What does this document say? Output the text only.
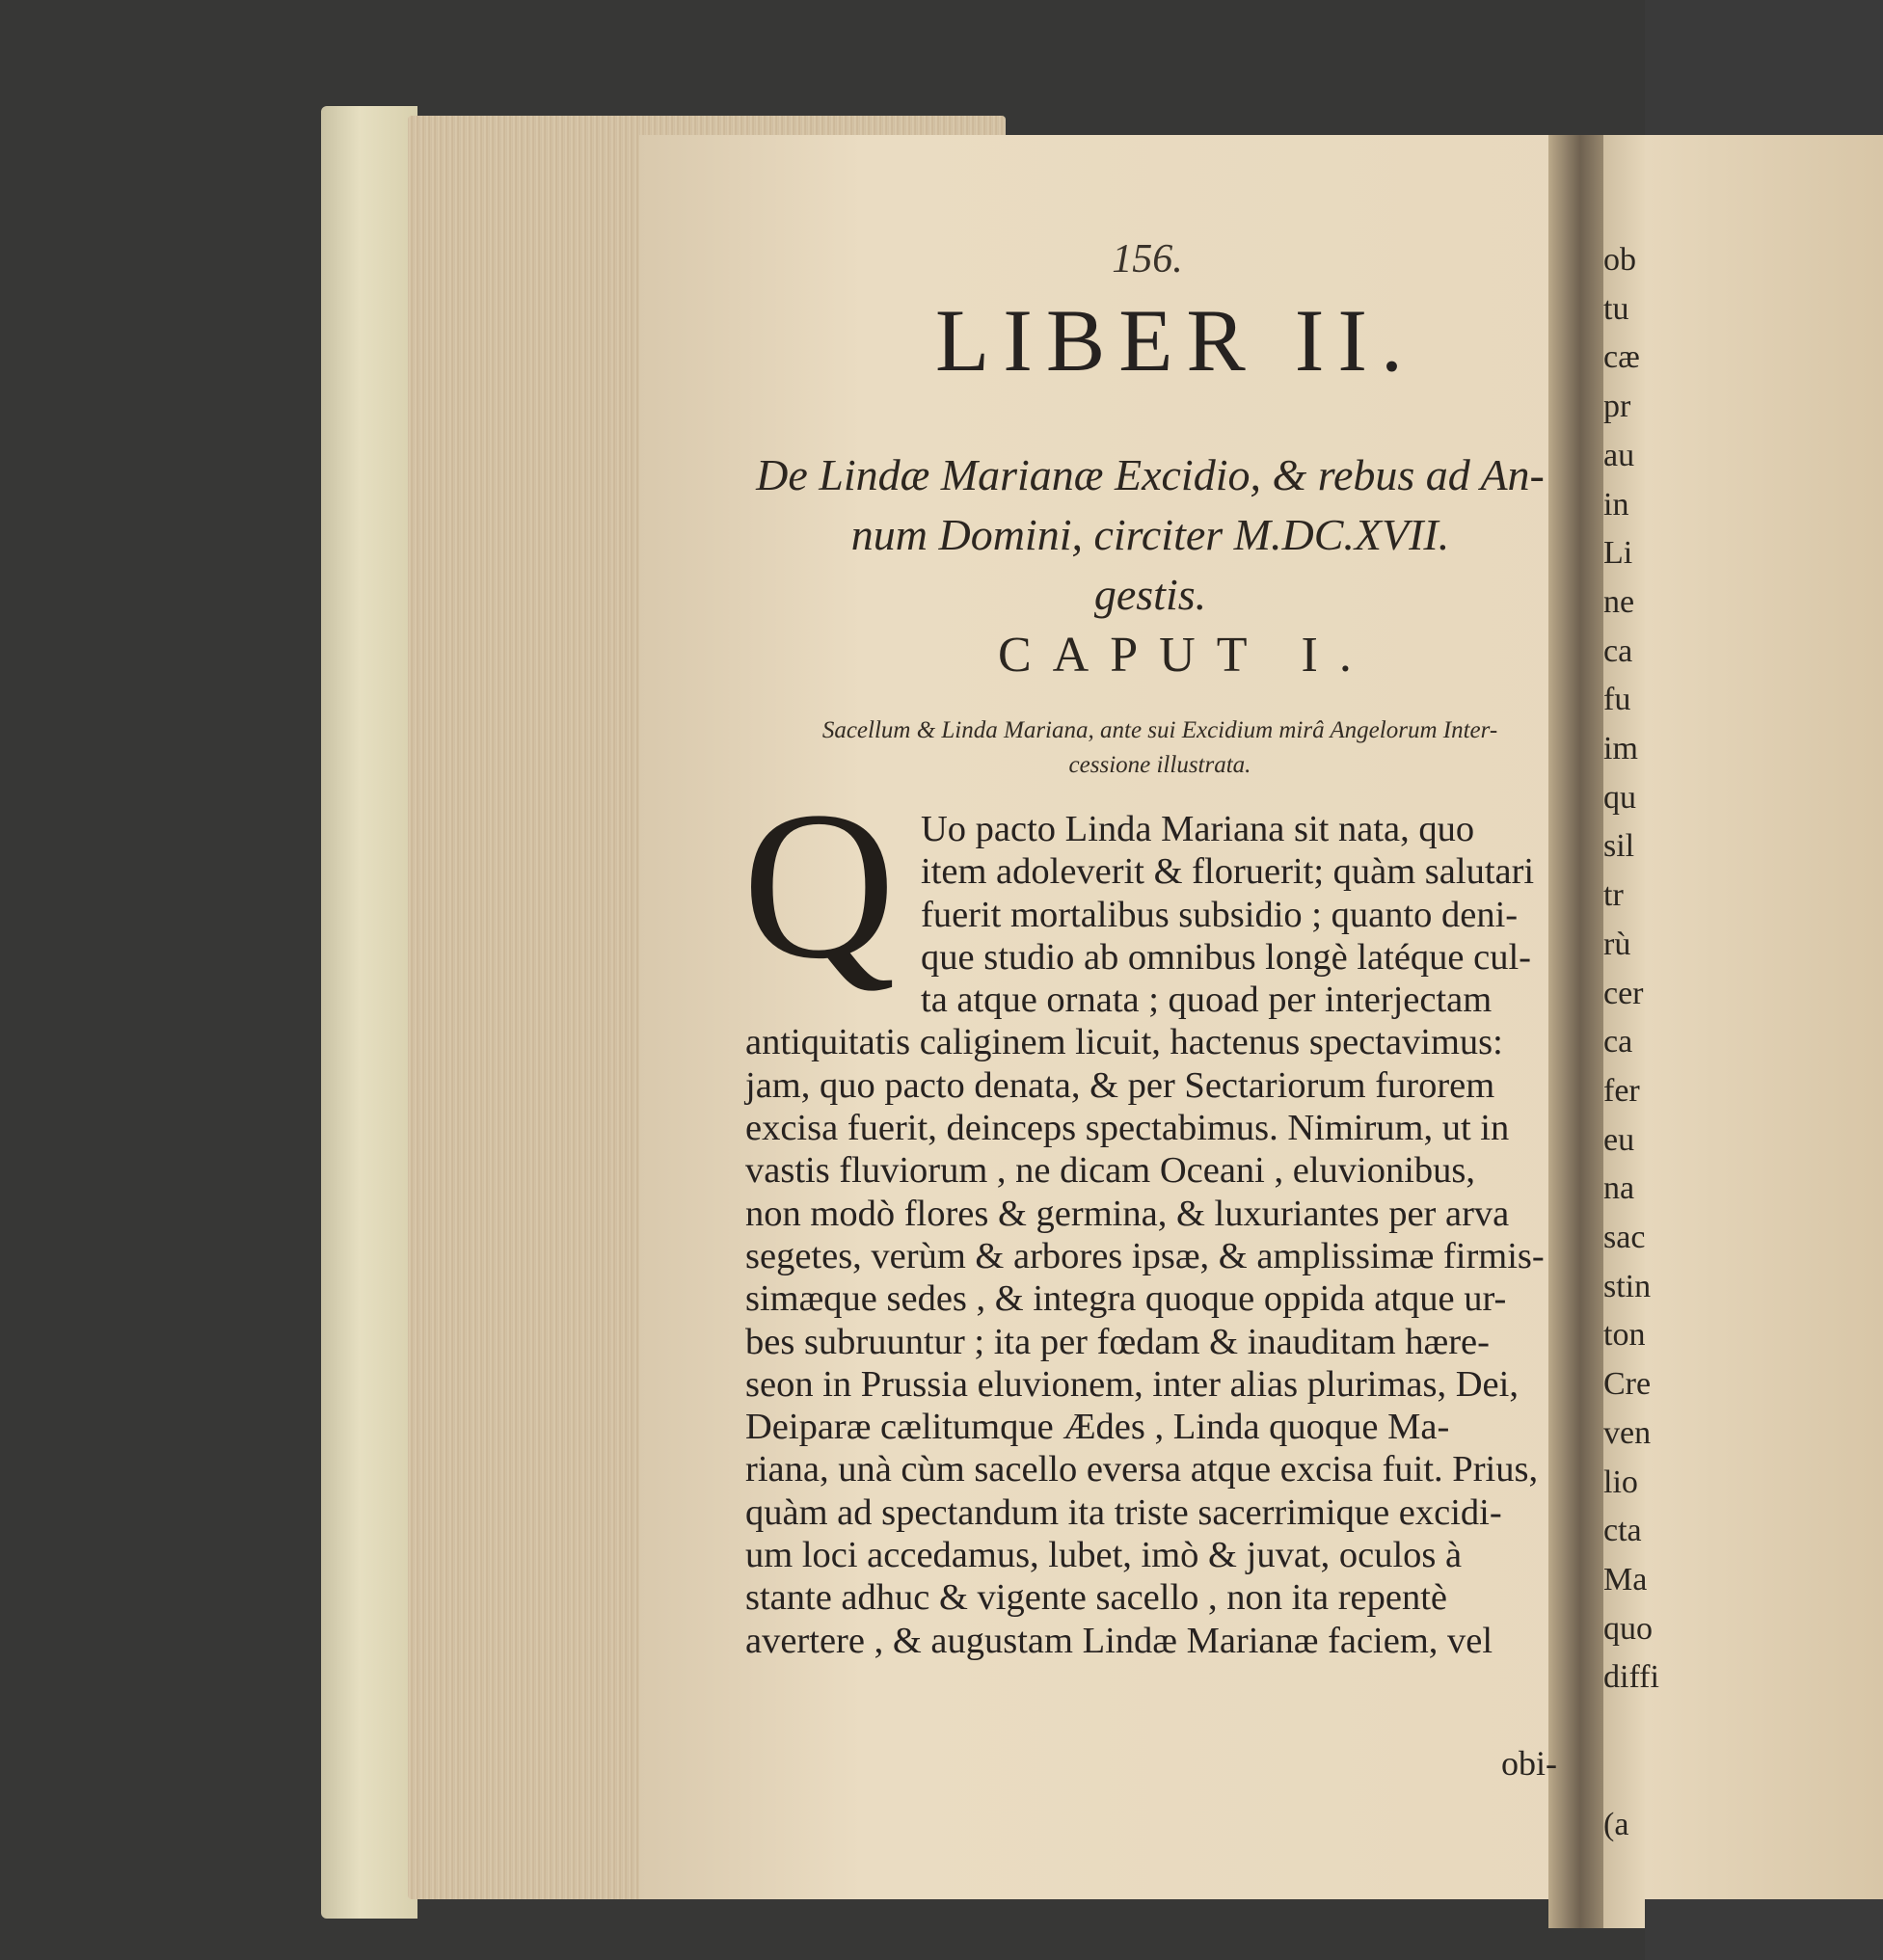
156.
LIBER II.
De Lindæ Marianæ Excidio, & rebus ad An-
num Domini, circiter M.DC.XVII.
gestis.
CAPUT I.
Sacellum & Linda Mariana, ante sui Excidium mirâ Angelorum Inter-
cessione illustrata.
Q Uo pacto Linda Mariana sit nata, quo
item adoleverit & floruerit; quàm salutari
fuerit mortalibus subsidio ; quanto deni-
que studio ab omnibus longè latéque cul-
ta atque ornata ; quoad per interjectam
antiquitatis caliginem licuit, hactenus spectavimus:
jam, quo pacto denata, & per Sectariorum furorem
excisa fuerit, deinceps spectabimus. Nimirum, ut in
vastis fluviorum , ne dicam Oceani , eluvionibus,
non modò flores & germina, & luxuriantes per arva
segetes, verùm & arbores ipsæ, & amplissimæ firmis-
simæque sedes , & integra quoque oppida atque ur-
bes subruuntur ; ita per fœdam & inauditam hære-
seon in Prussia eluvionem, inter alias plurimas, Dei,
Deiparæ cælitumque Ædes , Linda quoque Ma-
riana, unà cùm sacello eversa atque excisa fuit. Prius,
quàm ad spectandum ita triste sacerrimique excidi-
um loci accedamus, lubet, imò & juvat, oculos à
stante adhuc & vigente sacello , non ita repentè
avertere , & augustam Lindæ Marianæ faciem, vel
obi-
ob
tu
cæ
pr
au
in
Li
ne
ca
fu
im
qu
sil
tr
rù
cer
ca
fer
eu
na
sac
stin
ton
Cre
ven
lio
cta
Ma
quo
diffi

(a
